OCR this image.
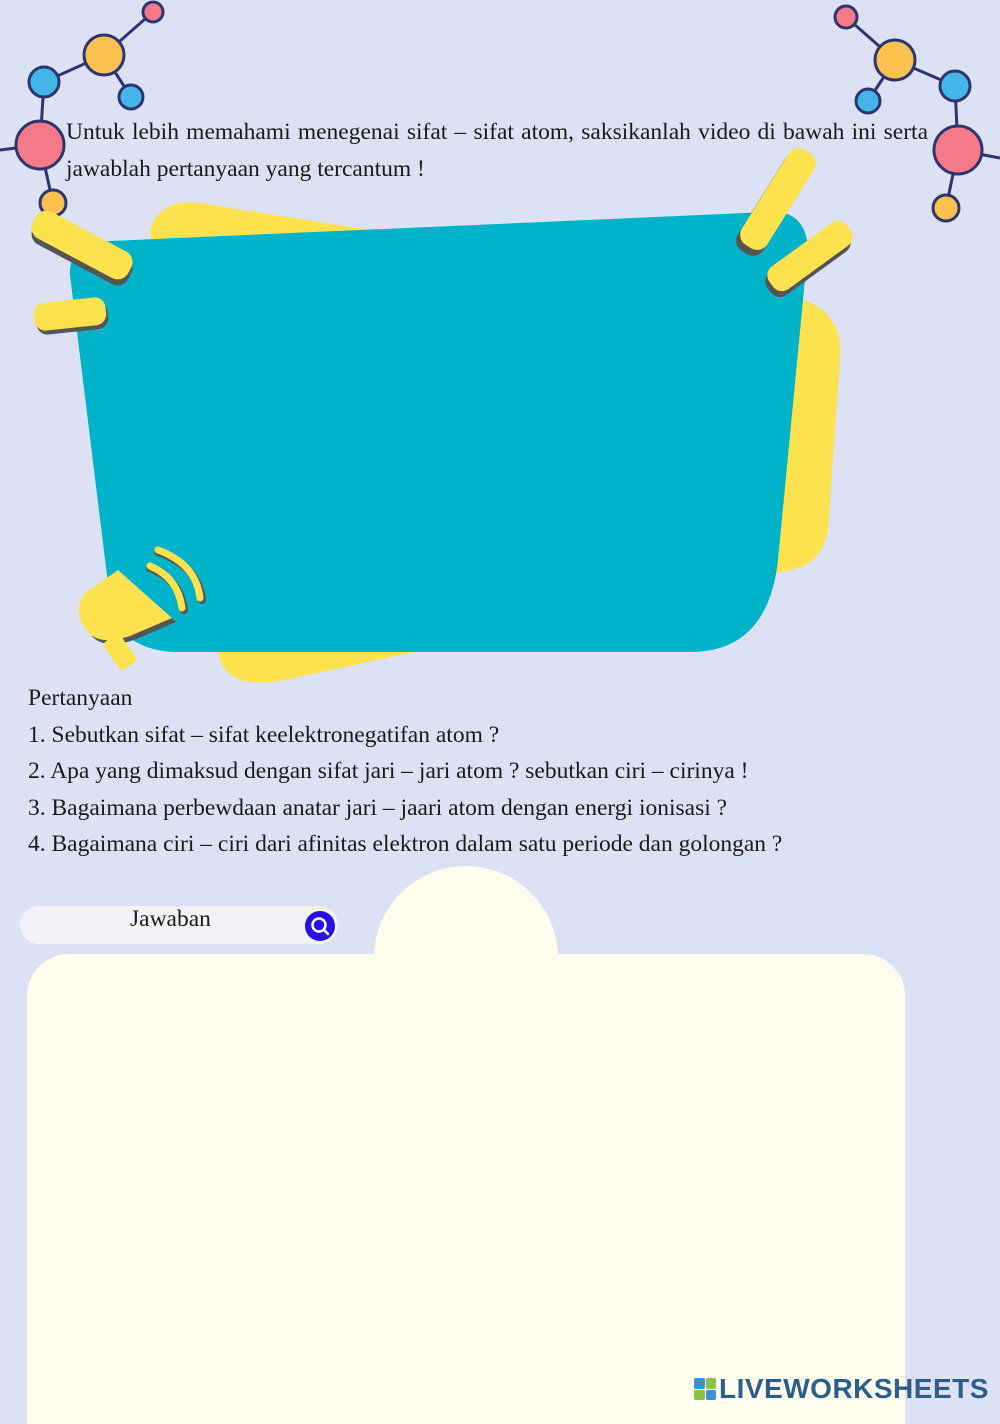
Untuk lebih memahami menegenai sifat – sifat atom, saksikanlah video di bawah ini serta jawablah pertanyaan yang tercantum !
Pertanyaan
1. Sebutkan sifat – sifat keelektronegatifan atom ?
2. Apa yang dimaksud dengan sifat jari – jari atom ? sebutkan ciri – cirinya !
3. Bagaimana perbewdaan anatar jari – jaari atom dengan energi ionisasi ?
4. Bagaimana ciri – ciri dari afinitas elektron dalam satu periode dan golongan ?
Jawaban
LIVEWORKSHEETS
